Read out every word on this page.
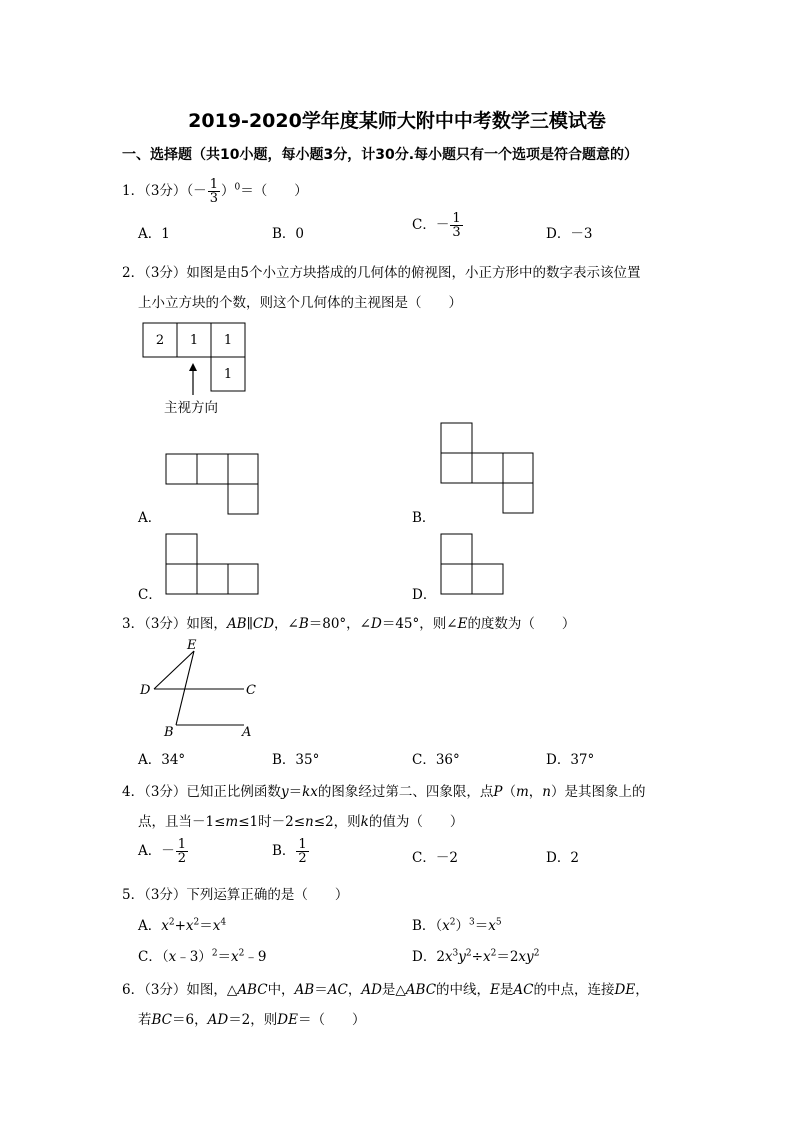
2019-2020学年度某师大附中中考数学三模试卷
一、选择题（共10小题，每小题3分，计30分.每小题只有一个选项是符合题意的）
1．（3分）（－ $\frac{1}{3} )^0=$（　　）
A．1	B．0
C．－ $\frac{1}{3}$	D．－3
2．（3分）如图是由5个小立方块搭成的几何体的俯视图，小正方形中的数字表示该位置
上小立方块的个数，则这个几何体的主视图是（　　）
2 1 1
1
主视方向
A．	B．
C．	D．
3．（3分）如图，AB∥CD，∠B＝80°，∠D＝45°，则∠E的度数为（　　）
E
D	C
B	A
A．34°	B．35°	C．36°	D．37°
4．（3分）已知正比例函数y＝kx的图象经过第二、四象限，点P（m，n）是其图象上的
点，且当－1≤m≤1时－2≤n≤2，则k的值为（　　）
A．－ $\frac{1}{2}$	B． $\frac{1}{2}$	C．－2	D．2
5．（3分）下列运算正确的是（　　）
A．$x^2+x^2=x^4$	B．$(x^2)^3=x^5$
C．$(x﹣3)^2=x^2﹣9$	D．$2x^3y^2\div x^2=2xy^2$
6．（3分）如图，△ABC中，AB＝AC，AD是△ABC的中线，E是AC的中点，连接DE，
若BC＝6，AD＝2，则DE＝（　　）
